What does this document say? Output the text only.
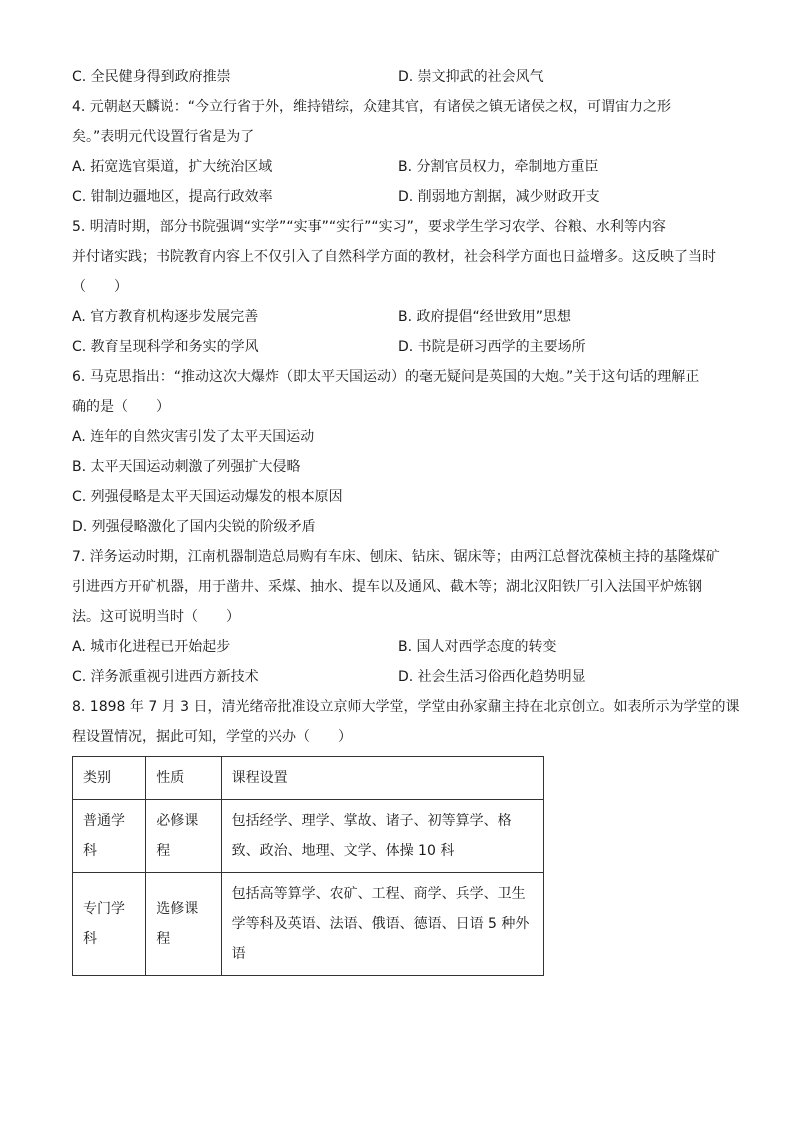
C. 全民健身得到政府推崇	D. 崇文抑武的社会风气
4. 元朝赵天麟说：“今立行省于外，维持错综，众建其官，有诸侯之镇无诸侯之权，可谓宙力之形
矣。”表明元代设置行省是为了
A. 拓宽选官渠道，扩大统治区域	B. 分割官员权力，牵制地方重臣
C. 钳制边疆地区，提高行政效率	D. 削弱地方割据，减少财政开支
5. 明清时期，部分书院强调“实学”“实事”“实行”“实习”，要求学生学习农学、谷粮、水利等内容
并付诸实践；书院教育内容上不仅引入了自然科学方面的教材，社会科学方面也日益增多。这反映了当时
（　　）
A. 官方教育机构逐步发展完善	B. 政府提倡“经世致用”思想
C. 教育呈现科学和务实的学风	D. 书院是研习西学的主要场所
6. 马克思指出：“推动这次大爆炸（即太平天国运动）的毫无疑问是英国的大炮。”关于这句话的理解正
确的是（　　）
A. 连年的自然灾害引发了太平天国运动
B. 太平天国运动刺激了列强扩大侵略
C. 列强侵略是太平天国运动爆发的根本原因
D. 列强侵略激化了国内尖锐的阶级矛盾
7. 洋务运动时期，江南机器制造总局购有车床、刨床、钻床、锯床等；由两江总督沈葆桢主持的基隆煤矿
引进西方开矿机器，用于凿井、采煤、抽水、提车以及通风、截木等；湖北汉阳铁厂引入法国平炉炼钢
法。这可说明当时（　　）
A. 城市化进程已开始起步	B. 国人对西学态度的转变
C. 洋务派重视引进西方新技术	D. 社会生活习俗西化趋势明显
8. 1898 年 7 月 3 日，清光绪帝批准设立京师大学堂，学堂由孙家鼐主持在北京创立。如表所示为学堂的课
程设置情况，据此可知，学堂的兴办（　　）
类别	性质	课程设置
普通学科	必修课程	包括经学、理学、掌故、诸子、初等算学、格
致、政治、地理、文学、体操 10 科

专门学科	选修课程	包括高等算学、农矿、工程、商学、兵学、卫生
学等科及英语、法语、俄语、德语、日语 5 种外
语
